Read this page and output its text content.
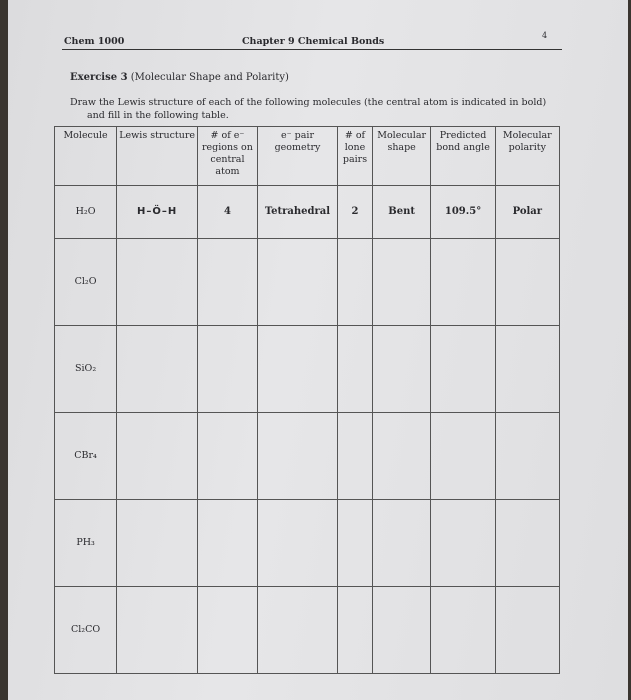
Chem 1000	Chapter 9 Chemical Bonds
4
Exercise 3 (Molecular Shape and Polarity)
Draw the Lewis structure of each of the following molecules (the central atom is indicated in bold)
and fill in the following table.
Molecule	Lewis structure	# of e⁻ regions on central atom	e⁻ pair geometry	# of lone pairs	Molecular shape	Predicted bond angle	Molecular polarity
H₂O	H–Ö–H	4	Tetrahedral	2	Bent	109.5°	Polar
Cl₂O							
SiO₂							
CBr₄							
PH₃							
Cl₂CO							
